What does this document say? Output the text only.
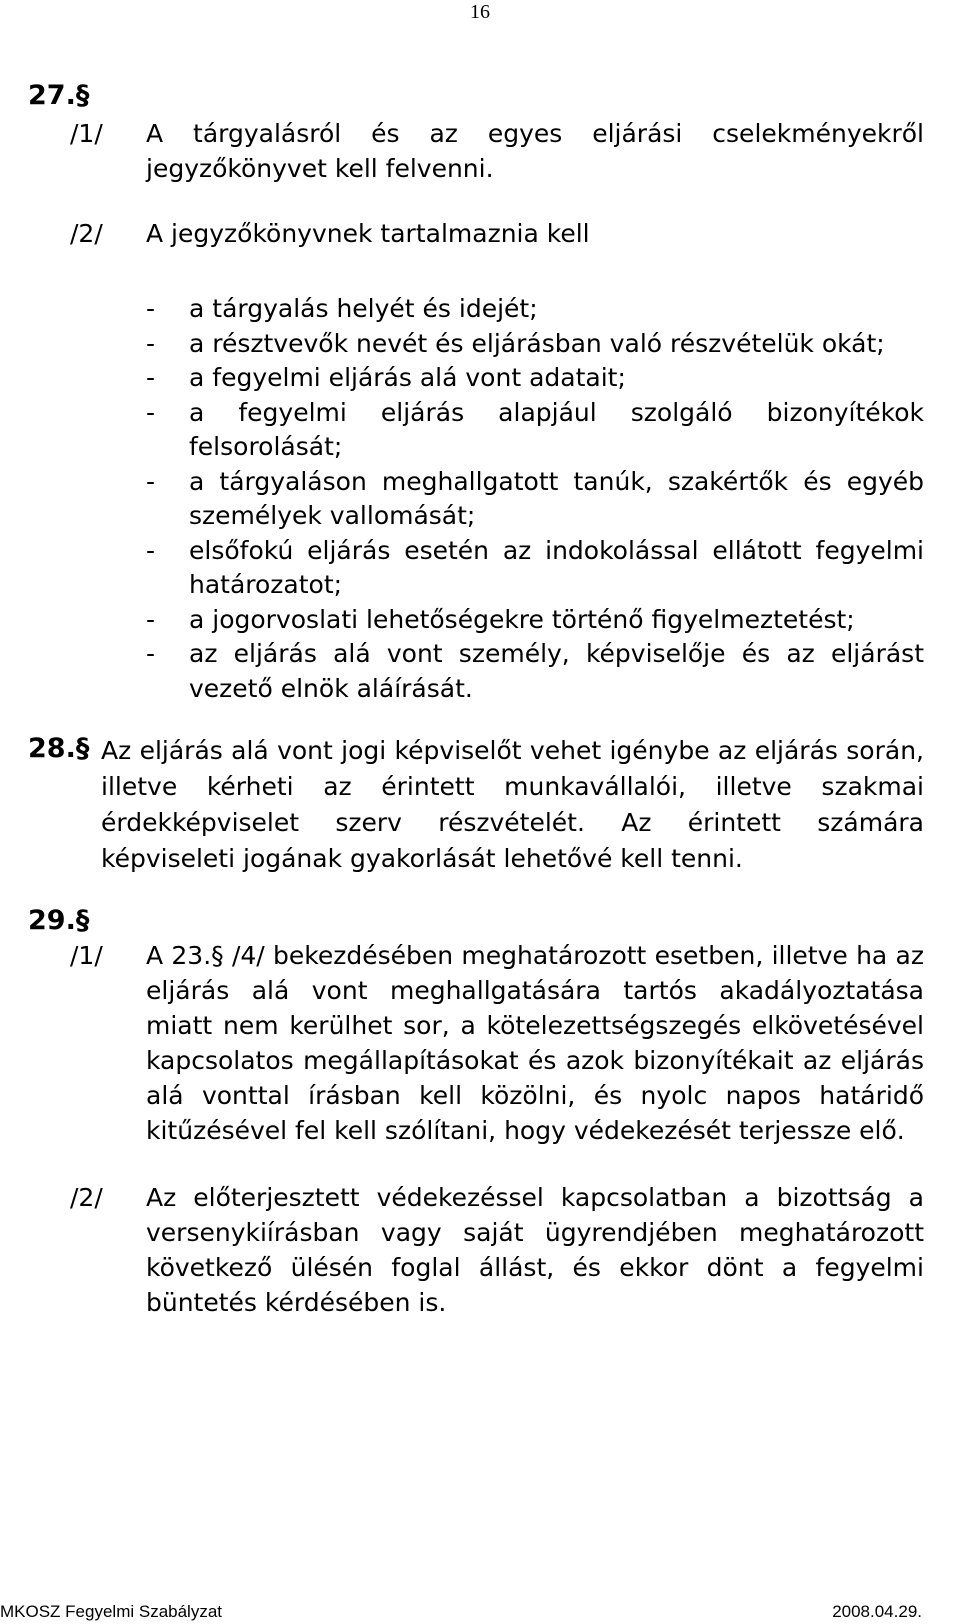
16
27.§
/1/ A tárgyalásról és az egyes eljárási cselekményekről jegyzőkönyvet kell felvenni.
/2/ A jegyzőkönyvnek tartalmaznia kell
- a tárgyalás helyét és idejét;
- a résztvevők nevét és eljárásban való részvételük okát;
- a fegyelmi eljárás alá vont adatait;
- a fegyelmi eljárás alapjául szolgáló bizonyítékok felsorolását;
- a tárgyaláson meghallgatott tanúk, szakértők és egyéb személyek vallomását;
- elsőfokú eljárás esetén az indokolással ellátott fegyelmi határozatot;
- a jogorvoslati lehetőségekre történő figyelmeztetést;
- az eljárás alá vont személy, képviselője és az eljárást vezető elnök aláírását.
28.§ Az eljárás alá vont jogi képviselőt vehet igénybe az eljárás során, illetve kérheti az érintett munkavállalói, illetve szakmai érdekképviselet szerv részvételét. Az érintett számára képviseleti jogának gyakorlását lehetővé kell tenni.
29.§
/1/ A 23.§ /4/ bekezdésében meghatározott esetben, illetve ha az eljárás alá vont meghallgatására tartós akadályoztatása miatt nem kerülhet sor, a kötelezettségszegés elkövetésével kapcsolatos megállapításokat és azok bizonyítékait az eljárás alá vonttal írásban kell közölni, és nyolc napos határidő kitűzésével fel kell szólítani, hogy védekezését terjessze elő.
/2/ Az előterjesztett védekezéssel kapcsolatban a bizottság a versenykiírásban vagy saját ügyrendjében meghatározott következő ülésén foglal állást, és ekkor dönt a fegyelmi büntetés kérdésében is.
MKOSZ Fegyelmi Szabályzat	2008.04.29.
